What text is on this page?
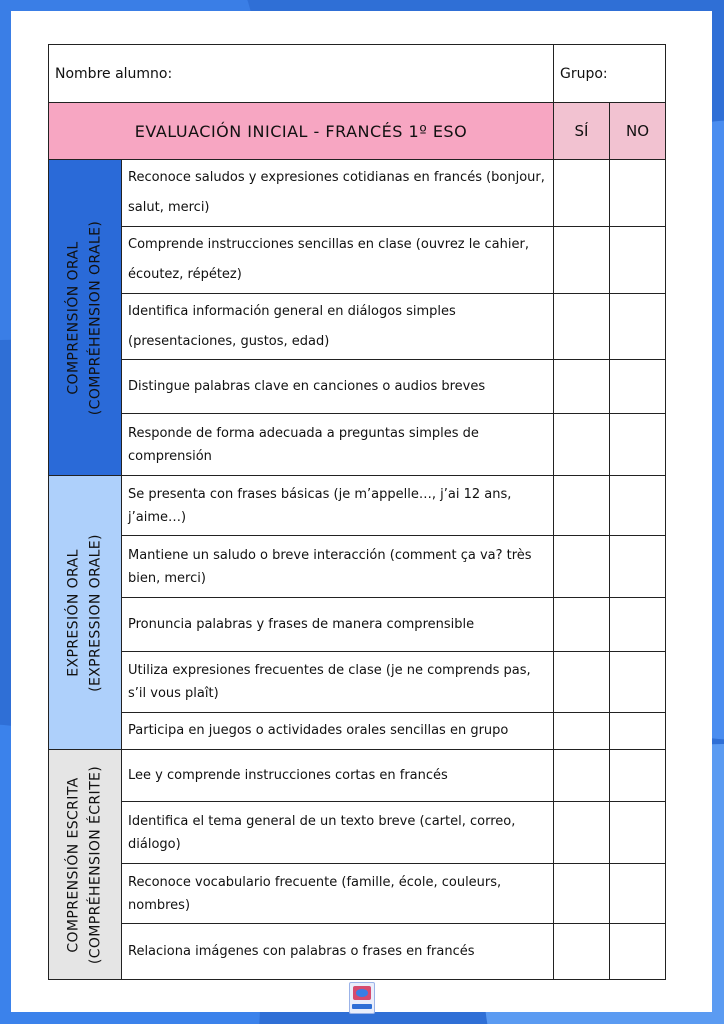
Nombre alumno:		Grupo:	
EVALUACIÓN INICIAL - FRANCÉS 1º ESO		SÍ	NO

COMPRENSIÓN ORAL (COMPRÉHENSION ORALE)	Reconoce saludos y expresiones cotidianas en francés (bonjour, salut, merci)		
	Comprende instrucciones sencillas en clase (ouvrez le cahier, écoutez, répétez)		
	Identifica información general en diálogos simples (presentaciones, gustos, edad)		
	Distingue palabras clave en canciones o audios breves		
	Responde de forma adecuada a preguntas simples de comprensión		

EXPRESIÓN ORAL (EXPRESSION ORALE)	Se presenta con frases básicas (je m’appelle…, j’ai 12 ans, j’aime…)		
	Mantiene un saludo o breve interacción (comment ça va? très bien, merci)		
	Pronuncia palabras y frases de manera comprensible		
	Utiliza expresiones frecuentes de clase (je ne comprends pas, s’il vous plaît)		
	Participa en juegos o actividades orales sencillas en grupo		

COMPRENSIÓN ESCRITA (COMPRÉHENSION ÉCRITE)	Lee y comprende instrucciones cortas en francés		
	Identifica el tema general de un texto breve (cartel, correo, diálogo)		
	Reconoce vocabulario frecuente (famille, école, couleurs, nombres)		
	Relaciona imágenes con palabras o frases en francés		
